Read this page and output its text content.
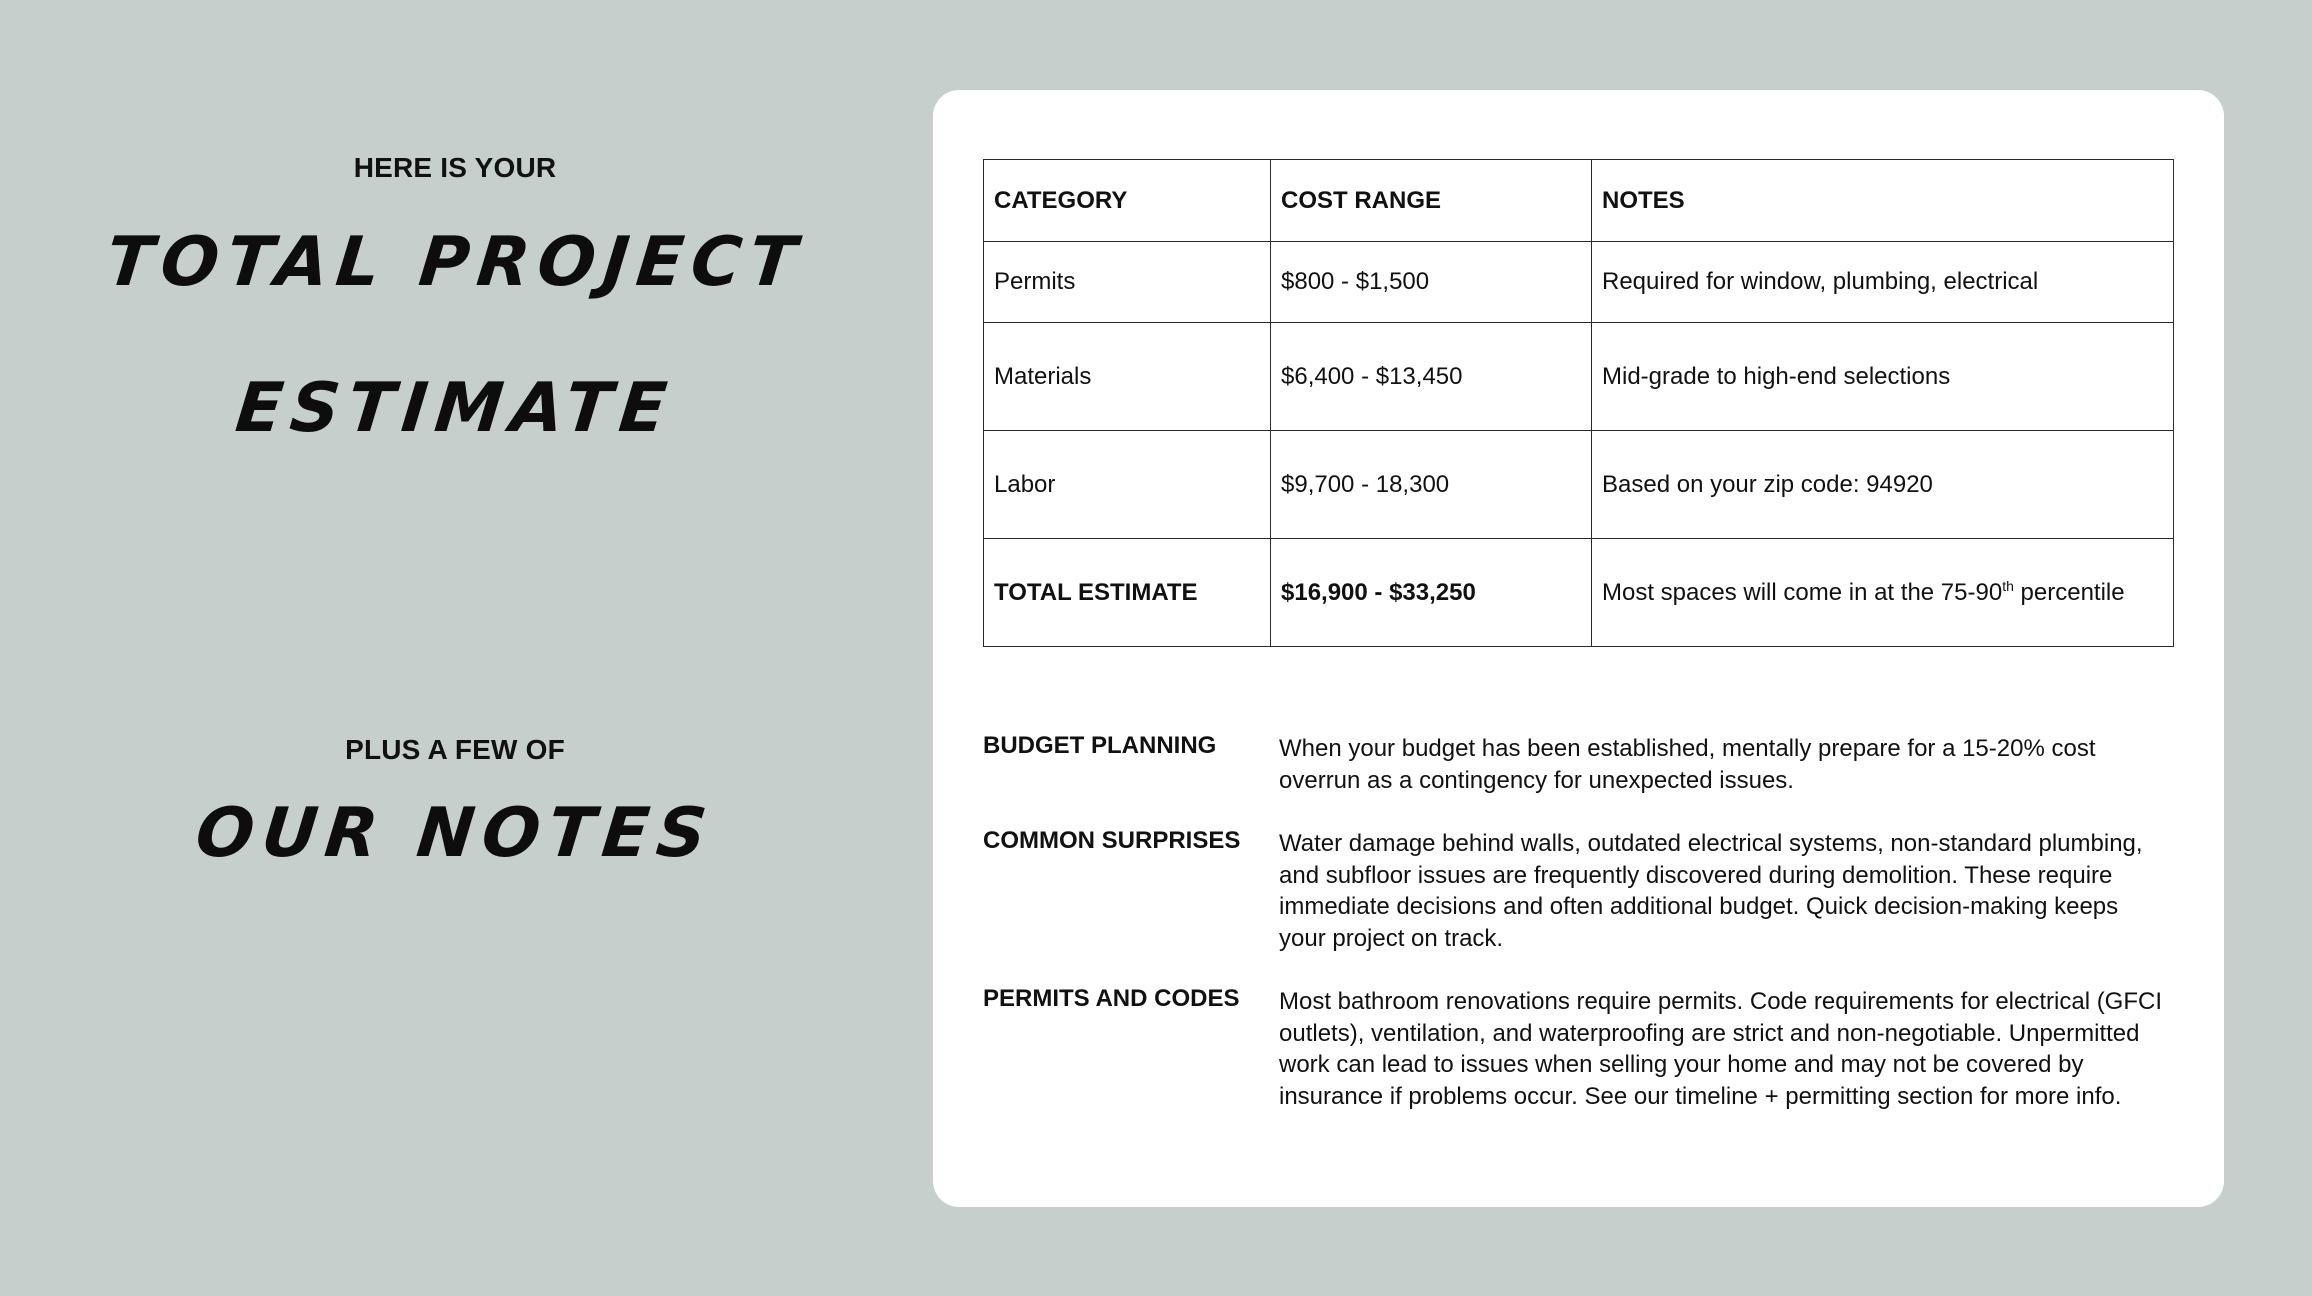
HERE IS YOUR
TOTAL PROJECT
ESTIMATE
PLUS A FEW OF
OUR NOTES
CATEGORY	COST RANGE	NOTES
Permits	$800 - $1,500	Required for window, plumbing, electrical
Materials	$6,400 - $13,450	Mid-grade to high-end selections
Labor	$9,700 - 18,300	Based on your zip code: 94920
TOTAL ESTIMATE	$16,900 - $33,250	Most spaces will come in at the 75-90th percentile
BUDGET PLANNING	When your budget has been established, mentally prepare for a 15-20% cost overrun as a contingency for unexpected issues.
COMMON SURPRISES	Water damage behind walls, outdated electrical systems, non-standard plumbing, and subfloor issues are frequently discovered during demolition. These require immediate decisions and often additional budget. Quick decision-making keeps your project on track.
PERMITS AND CODES	Most bathroom renovations require permits. Code requirements for electrical (GFCI outlets), ventilation, and waterproofing are strict and non-negotiable. Unpermitted work can lead to issues when selling your home and may not be covered by insurance if problems occur. See our timeline + permitting section for more info.
